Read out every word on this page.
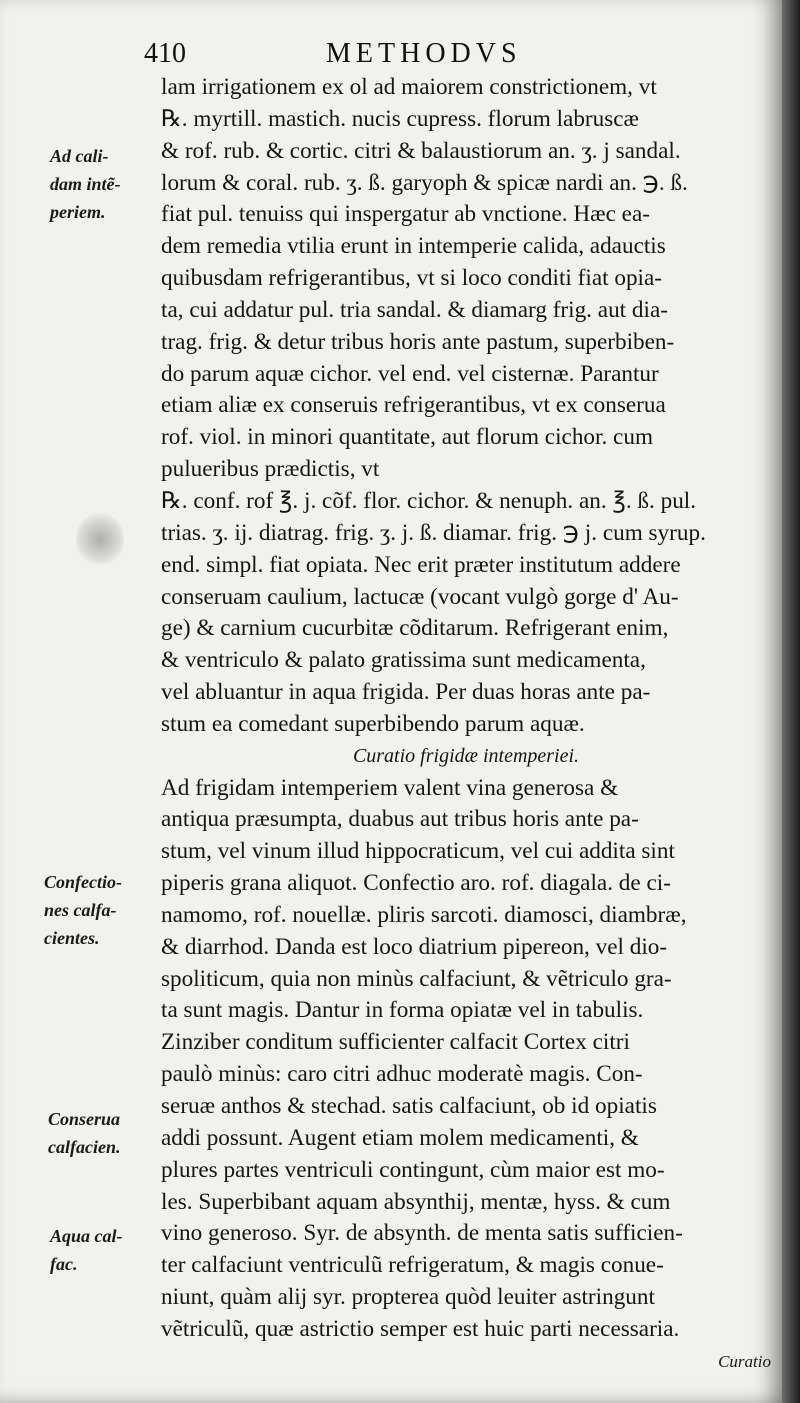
410	METHODVS
lam irrigationem ex ol ad maiorem constrictionem, vt
℞. myrtill. mastich. nucis cupress. florum labruscæ
& rof. rub. & cortic. citri & balaustiorum an. ʒ. j sandal.
lorum & coral. rub. ʒ. ß. garyoph & spicæ nardi an. ℈. ß.
fiat pul. tenuiss qui inspergatur ab vnctione. Hæc ea-
dem remedia vtilia erunt in intemperie calida, adauctis
quibusdam refrigerantibus, vt si loco conditi fiat opia-
ta, cui addatur pul. tria sandal. & diamarg frig. aut dia-
trag. frig. & detur tribus horis ante pastum, superbiben-
do parum aquæ cichor. vel end. vel cisternæ. Parantur
etiam aliæ ex conseruis refrigerantibus, vt ex conserua
rof. viol. in minori quantitate, aut florum cichor. cum
pulueribus prædictis, vt
℞. conf. rof ℥. j. cõf. flor. cichor. & nenuph. an. ℥. ß. pul.
trias. ʒ. ij. diatrag. frig. ʒ. j. ß. diamar. frig. ℈ j. cum syrup.
end. simpl. fiat opiata. Nec erit præter institutum addere
conseruam caulium, lactucæ (vocant vulgò gorge d' Au-
ge) & carnium cucurbitæ cõditarum. Refrigerant enim,
& ventriculo & palato gratissima sunt medicamenta,
vel abluantur in aqua frigida. Per duas horas ante pa-
stum ea comedant superbibendo parum aquæ.
Curatio frigidæ intemperiei.
Ad frigidam intemperiem valent vina generosa &
antiqua præsumpta, duabus aut tribus horis ante pa-
stum, vel vinum illud hippocraticum, vel cui addita sint
piperis grana aliquot. Confectio aro. rof. diagala. de ci-
namomo, rof. nouellæ. pliris sarcoti. diamosci, diambræ,
& diarrhod. Danda est loco diatrium pipereon, vel dio-
spoliticum, quia non minùs calfaciunt, & vẽtriculo gra-
ta sunt magis. Dantur in forma opiatæ vel in tabulis.
Zinziber conditum sufficienter calfacit Cortex citri
paulò minùs: caro citri adhuc moderatè magis. Con-
seruæ anthos & stechad. satis calfaciunt, ob id opiatis
addi possunt. Augent etiam molem medicamenti, &
plures partes ventriculi contingunt, cùm maior est mo-
les. Superbibant aquam absynthij, mentæ, hyss. & cum
vino generoso. Syr. de absynth. de menta satis sufficien-
ter calfaciunt ventriculũ refrigeratum, & magis conue-
niunt, quàm alij syr. propterea quòd leuiter astringunt
vẽtriculũ, quæ astrictio semper est huic parti necessaria.
Curatio
Ad cali-
dam intẽ-
periem.
Confectio-
nes calfa-
cientes.
Conserua
calfacien.
Aqua cal-
fac.
